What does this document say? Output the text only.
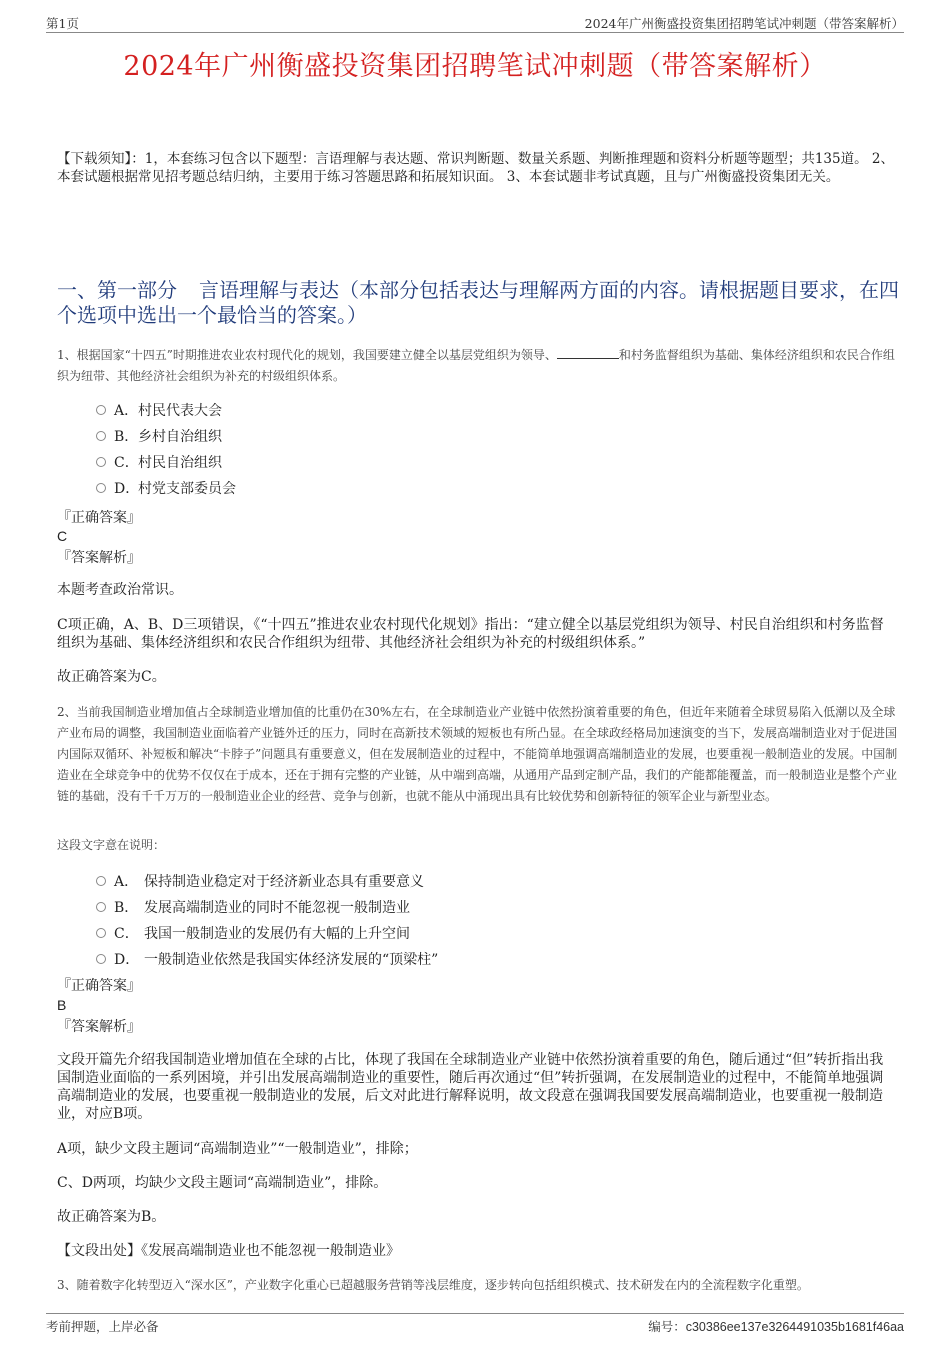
第1页	2024年广州衡盛投资集团招聘笔试冲刺题（带答案解析）
2024年广州衡盛投资集团招聘笔试冲刺题（带答案解析）
【下载须知】：1，本套练习包含以下题型：言语理解与表达题、常识判断题、数量关系题、判断推理题和资料分析题等题型；共135道。 2、本套试题根据常见招考题总结归纳，主要用于练习答题思路和拓展知识面。 3、本套试题非考试真题，且与广州衡盛投资集团无关。
一、第一部分 言语理解与表达（本部分包括表达与理解两方面的内容。请根据题目要求，在四个选项中选出一个最恰当的答案。）
1、根据国家“十四五”时期推进农业农村现代化的规划，我国要建立健全以基层党组织为领导、	和村务监督组织为基础、集体经济组织和农民合作组织为纽带、其他经济社会组织为补充的村级组织体系。
A．村民代表大会
B．乡村自治组织
C．村民自治组织
D．村党支部委员会
『正确答案』
C
『答案解析』
本题考查政治常识。
C项正确，A、B、D三项错误，《“十四五”推进农业农村现代化规划》指出：“建立健全以基层党组织为领导、村民自治组织和村务监督组织为基础、集体经济组织和农民合作组织为纽带、其他经济社会组织为补充的村级组织体系。”
故正确答案为C。
2、当前我国制造业增加值占全球制造业增加值的比重仍在30%左右，在全球制造业产业链中依然扮演着重要的角色，但近年来随着全球贸易陷入低潮以及全球产业布局的调整，我国制造业面临着产业链外迁的压力，同时在高新技术领域的短板也有所凸显。在全球政经格局加速演变的当下，发展高端制造业对于促进国内国际双循环、补短板和解决“卡脖子”问题具有重要意义，但在发展制造业的过程中，不能简单地强调高端制造业的发展，也要重视一般制造业的发展。中国制造业在全球竞争中的优势不仅仅在于成本，还在于拥有完整的产业链，从中端到高端，从通用产品到定制产品，我们的产能都能覆盖，而一般制造业是整个产业链的基础，没有千千万万的一般制造业企业的经营、竞争与创新，也就不能从中涌现出具有比较优势和创新特征的领军企业与新型业态。
这段文字意在说明：
A． 保持制造业稳定对于经济新业态具有重要意义
B． 发展高端制造业的同时不能忽视一般制造业
C． 我国一般制造业的发展仍有大幅的上升空间
D． 一般制造业依然是我国实体经济发展的“顶梁柱”
『正确答案』
B
『答案解析』
文段开篇先介绍我国制造业增加值在全球的占比，体现了我国在全球制造业产业链中依然扮演着重要的角色，随后通过“但”转折指出我国制造业面临的一系列困境，并引出发展高端制造业的重要性，随后再次通过“但”转折强调，在发展制造业的过程中，不能简单地强调高端制造业的发展，也要重视一般制造业的发展，后文对此进行解释说明，故文段意在强调我国要发展高端制造业，也要重视一般制造业，对应B项。
A项，缺少文段主题词“高端制造业”“一般制造业”，排除；
C、D两项，均缺少文段主题词“高端制造业”，排除。
故正确答案为B。
【文段出处】《发展高端制造业也不能忽视一般制造业》
3、随着数字化转型迈入“深水区”，产业数字化重心已超越服务营销等浅层维度，逐步转向包括组织模式、技术研发在内的全流程数字化重塑。
考前押题，上岸必备	编号：c30386ee137e3264491035b1681f46aa
